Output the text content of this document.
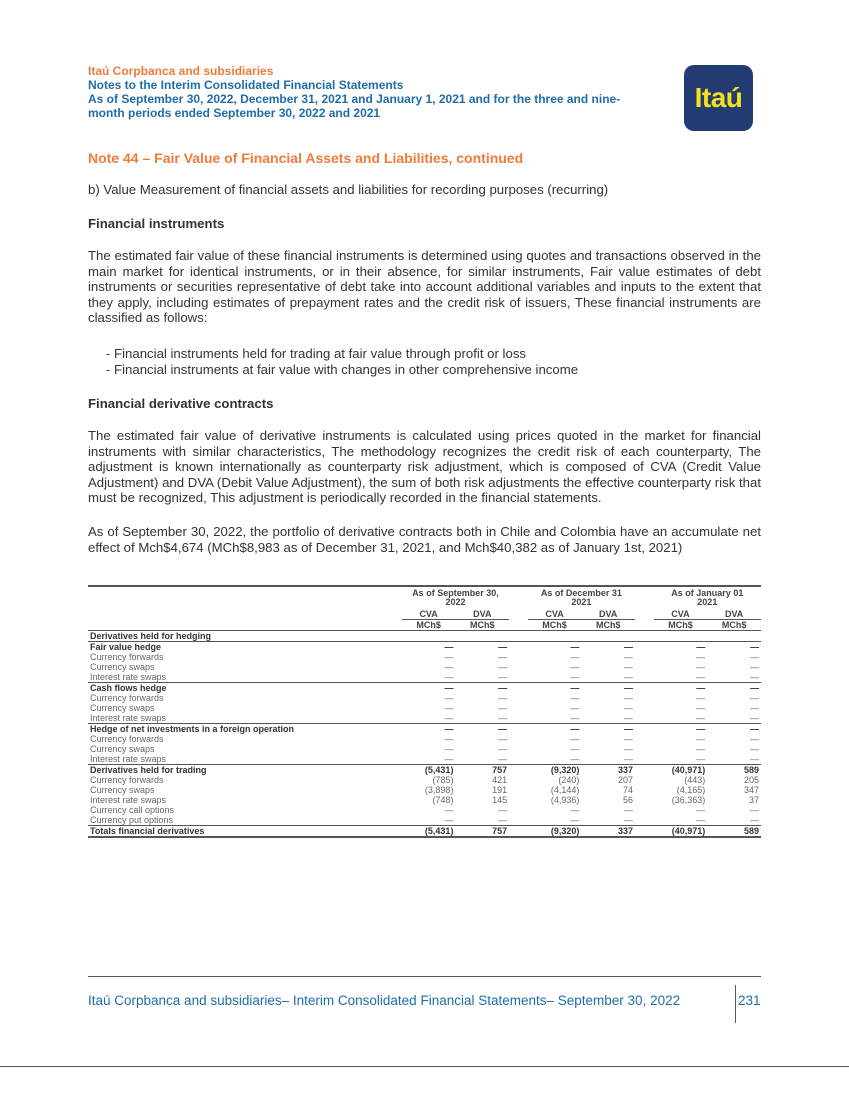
Itaú Corpbanca and subsidiaries
Notes to the Interim Consolidated Financial Statements
As of September 30, 2022, December 31, 2021 and January 1, 2021 and for the three and nine-
month periods ended September 30, 2022 and 2021	Itaú
Note 44 – Fair Value of Financial Assets and Liabilities, continued
b) Value Measurement of financial assets and liabilities for recording purposes (recurring)
Financial instruments
The estimated fair value of these financial instruments is determined using quotes and transactions observed in the main market for identical instruments, or in their absence, for similar instruments, Fair value estimates of debt instruments or securities representative of debt take into account additional variables and inputs to the extent that they apply, including estimates of prepayment rates and the credit risk of issuers, These financial instruments are classified as follows:
- Financial instruments held for trading at fair value through profit or loss
- Financial instruments at fair value with changes in other comprehensive income
Financial derivative contracts
The estimated fair value of derivative instruments is calculated using prices quoted in the market for financial instruments with similar characteristics, The methodology recognizes the credit risk of each counterparty, The adjustment is known internationally as counterparty risk adjustment, which is composed of CVA (Credit Value Adjustment) and DVA (Debit Value Adjustment), the sum of both risk adjustments the effective counterparty risk that must be recognized, This adjustment is periodically recorded in the financial statements.
As of September 30, 2022, the portfolio of derivative contracts both in Chile and Colombia have an accumulate net effect of Mch$4,674 (MCh$8,983 as of December 31, 2021, and Mch$40,382 as of January 1st, 2021)
	As of September 30, 2022			As of December 31 2021			As of January 01 2021	
	CVA	DVA		CVA	DVA		CVA	DVA
	MCh$	MCh$		MCh$	MCh$		MCh$	MCh$
Derivatives held for hedging								
Fair value hedge	—	—		—	—		—	—
Currency forwards	—	—		—	—		—	—
Currency swaps	—	—		—	—		—	—
Interest rate swaps	—	—		—	—		—	—
Cash flows hedge	—	—		—	—		—	—
Currency forwards	—	—		—	—		—	—
Currency swaps	—	—		—	—		—	—
Interest rate swaps	—	—		—	—		—	—
Hedge of net investments in a foreign operation	—	—		—	—		—	—
Currency forwards	—	—		—	—		—	—
Currency swaps	—	—		—	—		—	—
Interest rate swaps	—	—		—	—		—	—
Derivatives held for trading	(5,431)	757		(9,320)	337		(40,971)	589
Currency forwards	(785)	421		(240)	207		(443)	205
Currency swaps	(3,898)	191		(4,144)	74		(4,165)	347
Interest rate swaps	(748)	145		(4,936)	56		(36,363)	37
Currency call options	—	—		—	—		—	—
Currency put options	—	—		—	—		—	—
Totals financial derivatives	(5,431)	757		(9,320)	337		(40,971)	589
Itaú Corpbanca and subsidiaries– Interim Consolidated Financial Statements– September 30, 2022	231
